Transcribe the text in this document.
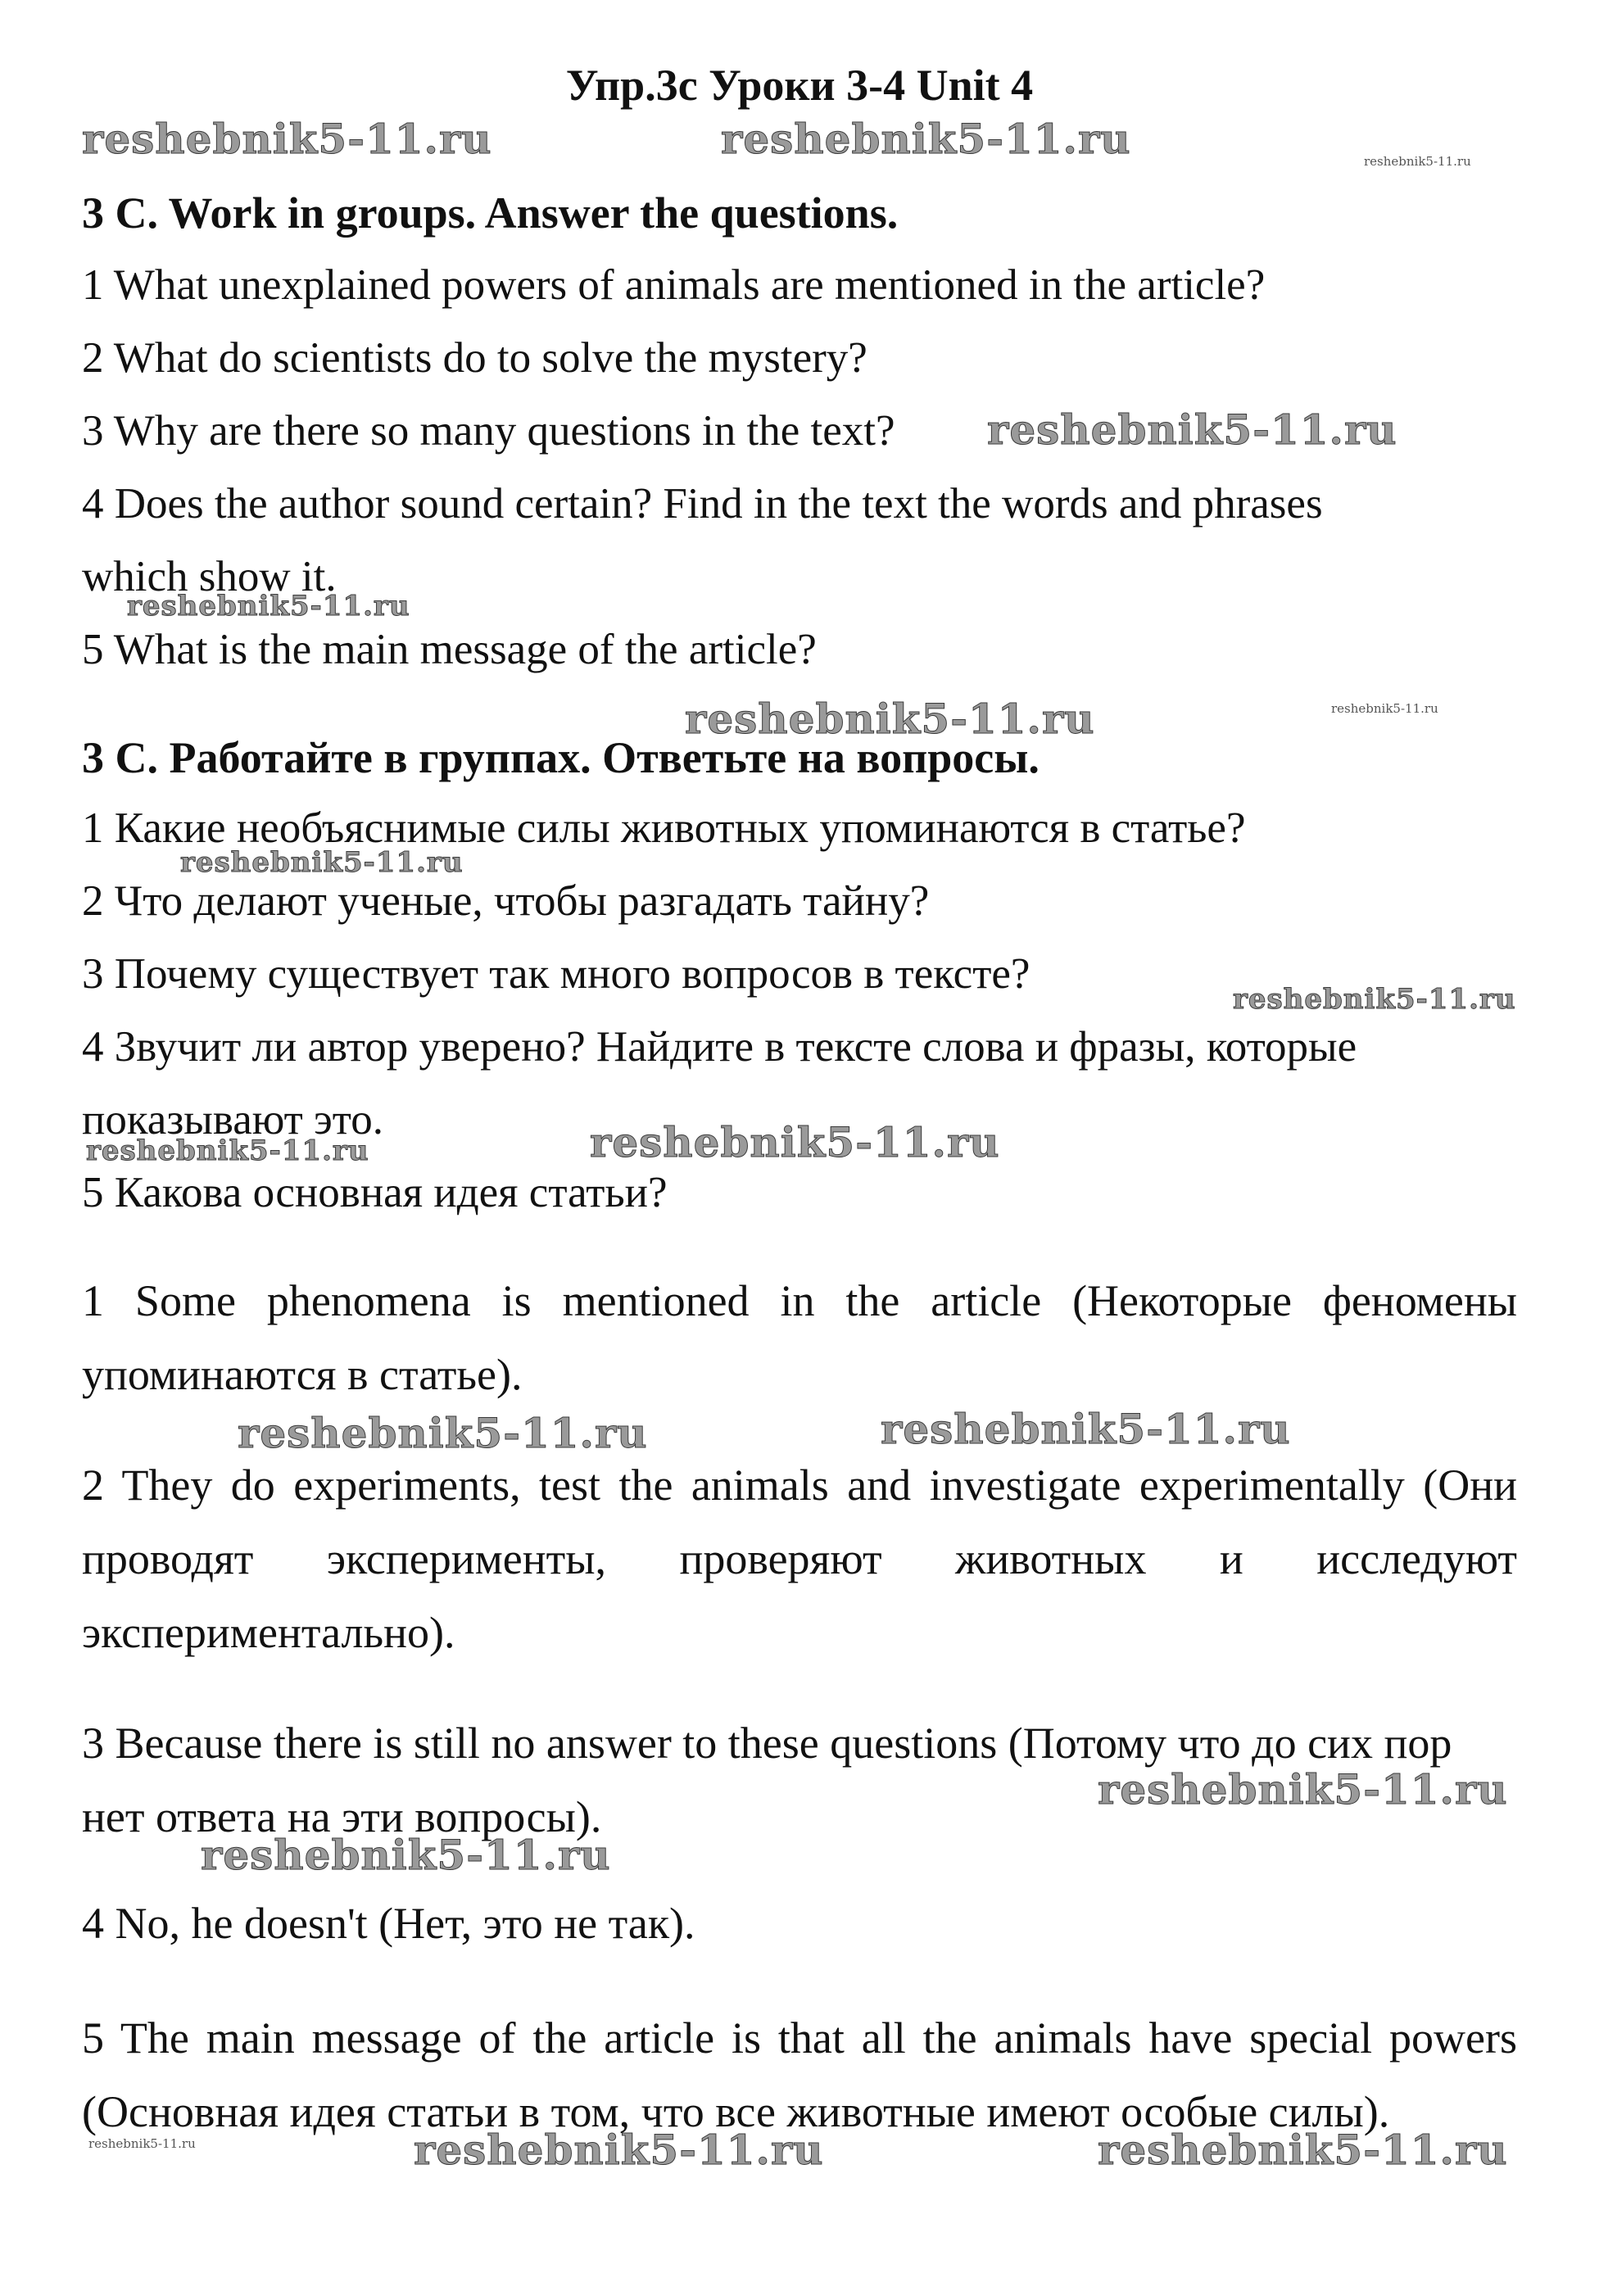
Упр.3с Уроки 3-4 Unit 4
3 C. Work in groups. Answer the questions.
1 What unexplained powers of animals are mentioned in the article?
2 What do scientists do to solve the mystery?
3 Why are there so many questions in the text?
4 Does the author sound certain? Find in the text the words and phrases
which show it.
5 What is the main message of the article?
3 С. Работайте в группах. Ответьте на вопросы.
1 Какие необъяснимые силы животных упоминаются в статье?
2 Что делают ученые, чтобы разгадать тайну?
3 Почему существует так много вопросов в тексте?
4 Звучит ли автор уверено? Найдите в тексте слова и фразы, которые
показывают это.
5 Какова основная идея статьи?
1 Some phenomena is mentioned in the article (Некоторые феномены упоминаются в статье).
2 They do experiments, test the animals and investigate experimentally (Они проводят эксперименты, проверяют животных и исследуют экспериментально).
3 Because there is still no answer to these questions (Потому что до сих пор нет ответа на эти вопросы).
4 No, he doesn't (Нет, это не так).
5 The main message of the article is that all the animals have special powers (Основная идея статьи в том, что все животные имеют особые силы).
reshebnik5-11.ru	reshebnik5-11.ru	reshebnik5-11.ru
reshebnik5-11.ru
reshebnik5-11.ru
reshebnik5-11.ru	reshebnik5-11.ru
reshebnik5-11.ru
reshebnik5-11.ru
reshebnik5-11.ru	reshebnik5-11.ru
reshebnik5-11.ru	reshebnik5-11.ru
reshebnik5-11.ru
reshebnik5-11.ru
reshebnik5-11.ru	reshebnik5-11.ru	reshebnik5-11.ru
